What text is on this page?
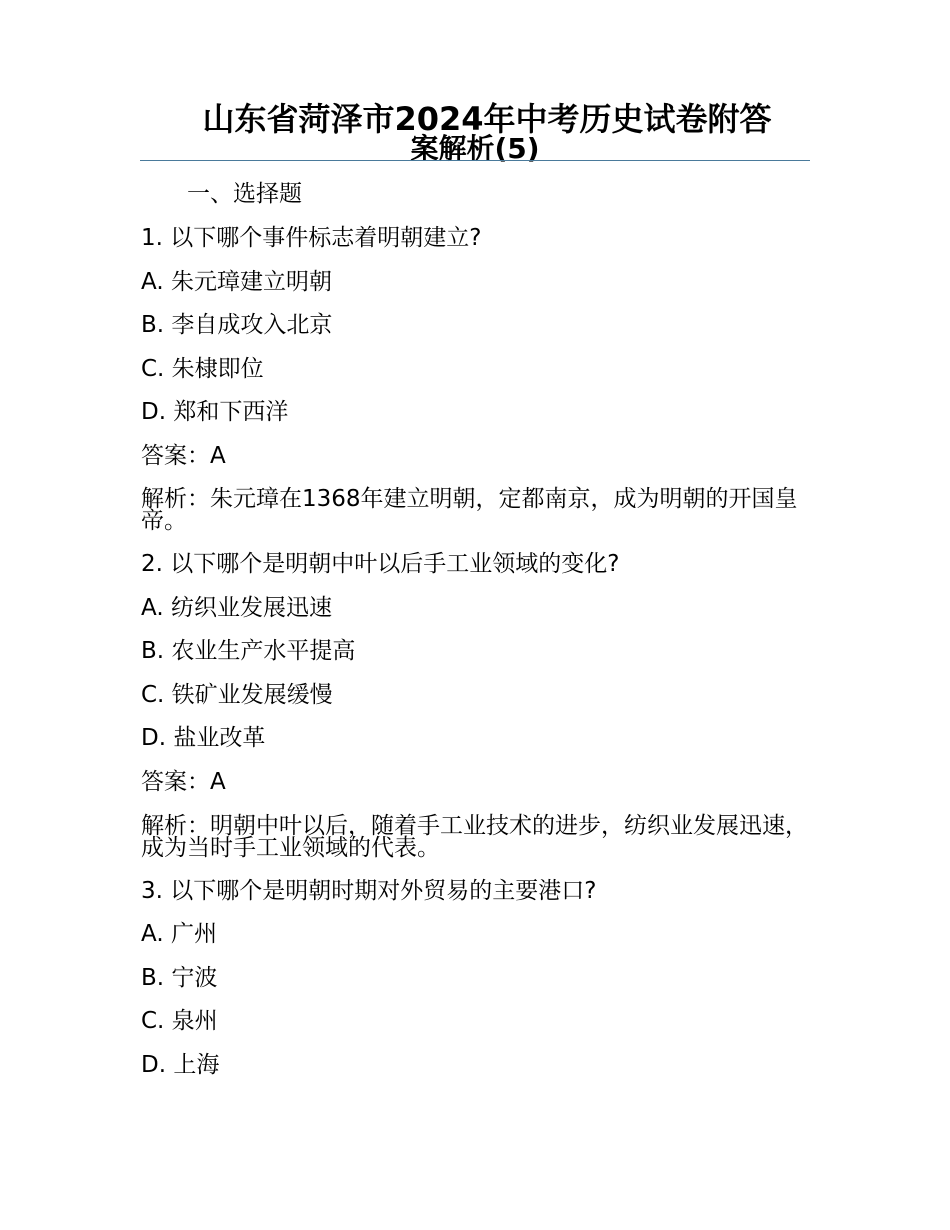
山东省菏泽市2024年中考历史试卷附答
案解析(5)
一、选择题
1. 以下哪个事件标志着明朝建立?
A. 朱元璋建立明朝
B. 李自成攻入北京
C. 朱棣即位
D. 郑和下西洋
答案：A
解析：朱元璋在1368年建立明朝，定都南京，成为明朝的开国皇帝。
2. 以下哪个是明朝中叶以后手工业领域的变化?
A. 纺织业发展迅速
B. 农业生产水平提高
C. 铁矿业发展缓慢
D. 盐业改革
答案：A
解析：明朝中叶以后，随着手工业技术的进步，纺织业发展迅速，成为当时手工业领域的代表。
3. 以下哪个是明朝时期对外贸易的主要港口?
A. 广州
B. 宁波
C. 泉州
D. 上海
